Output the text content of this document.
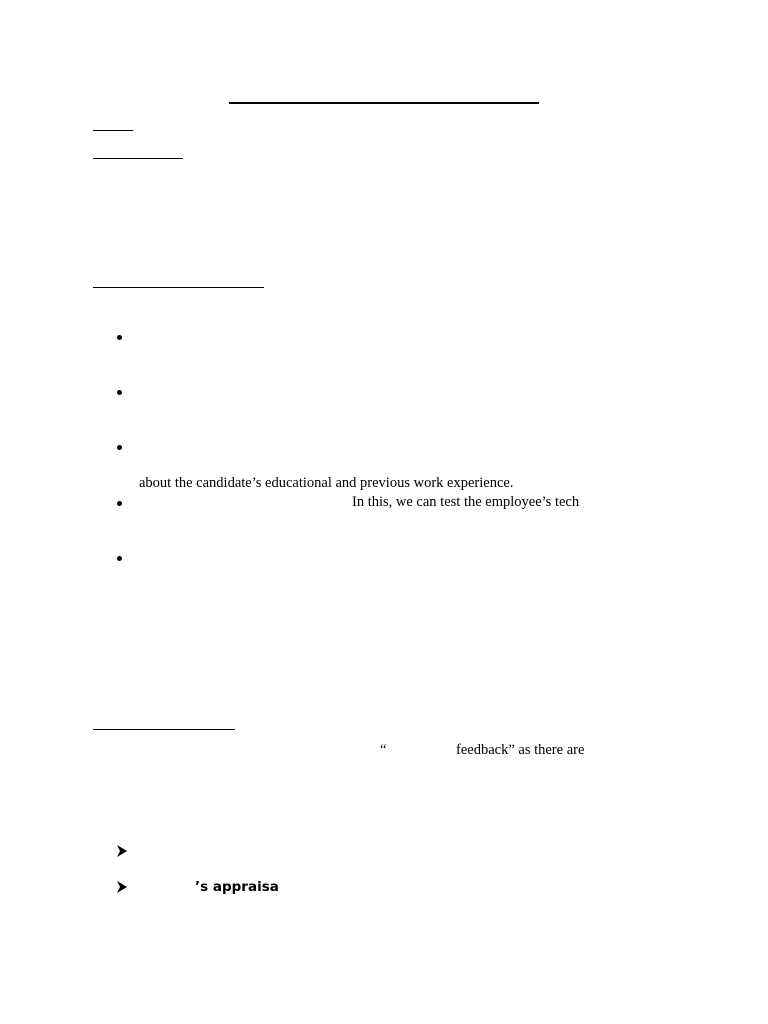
about the candidate’s educational and previous work experience.
In this, we can test the employee’s tech
“	feedback” as there are
’s appraisa
